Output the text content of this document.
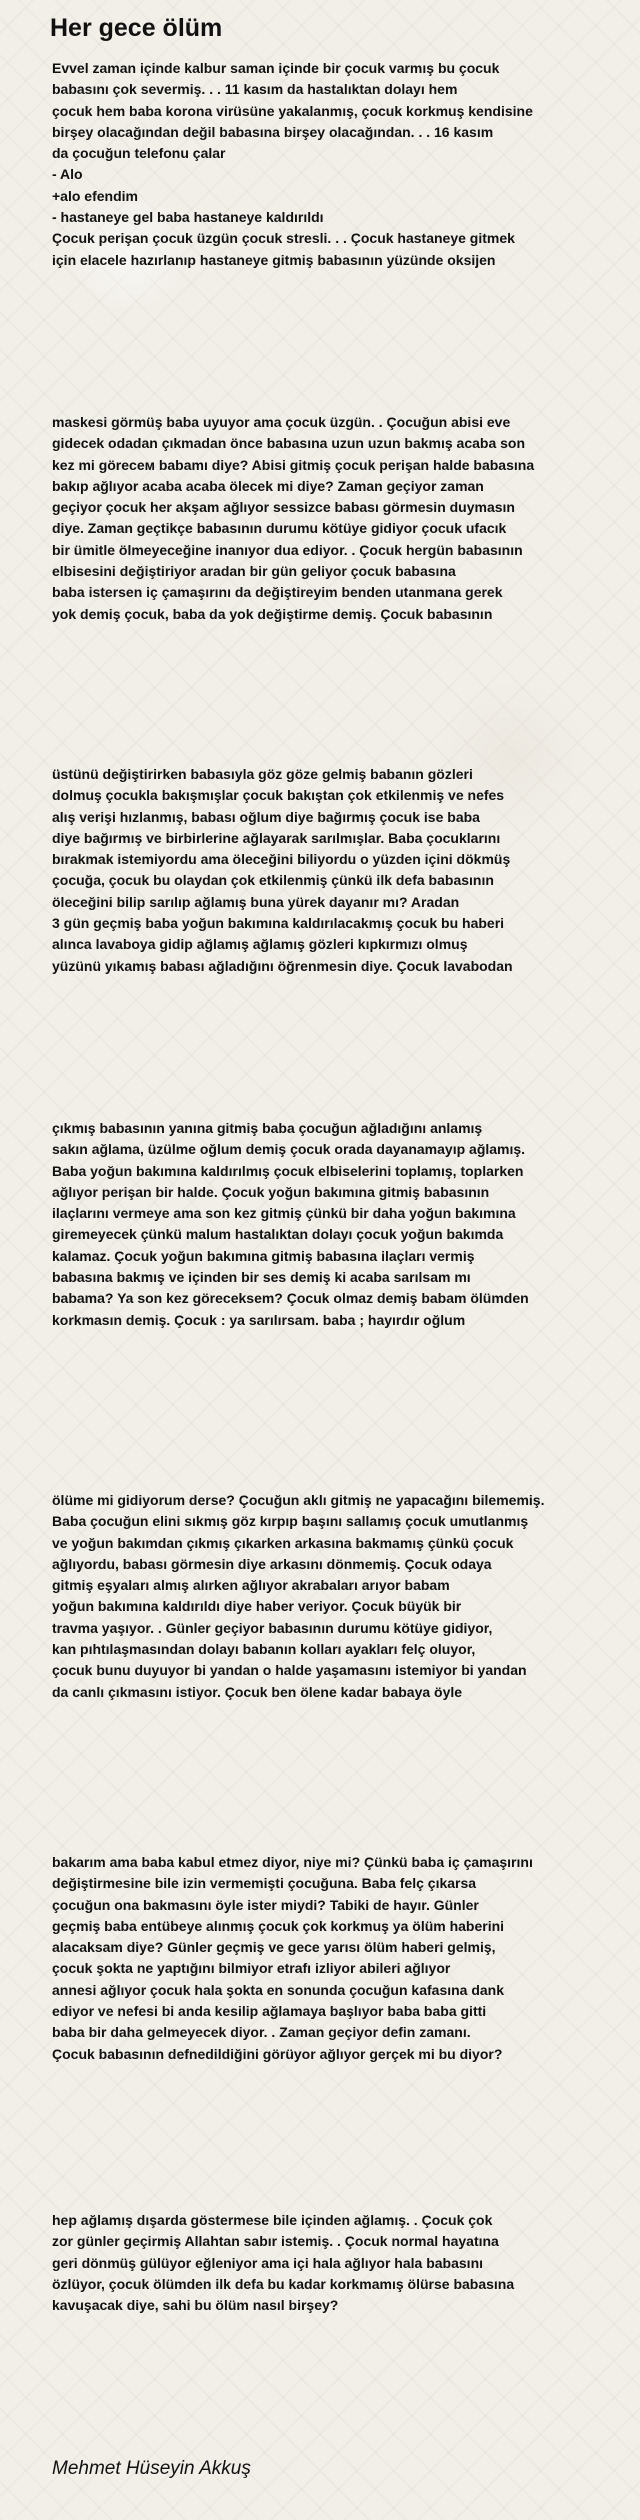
Her gece ölüm
Evvel zaman içinde kalbur saman içinde bir çocuk varmış bu çocuk
babasını çok severmiş. . . 11 kasım da hastalıktan dolayı hem
çocuk hem baba korona virüsüne yakalanmış, çocuk korkmuş kendisine
birşey olacağından değil babasına birşey olacağından. . . 16 kasım
da çocuğun telefonu çalar
- Alo
+alo efendim
- hastaneye gel baba hastaneye kaldırıldı
Çocuk perişan çocuk üzgün çocuk stresli. . . Çocuk hastaneye gitmek
için elacele hazırlanıp hastaneye gitmiş babasının yüzünde oksijen
maskesi görmüş baba uyuyor ama çocuk üzgün. . Çocuğun abisi eve
gidecek odadan çıkmadan önce babasına uzun uzun bakmış acaba son
kez mi göreceм babamı diye? Abisi gitmiş çocuk perişan halde babasına
bakıp ağlıyor acaba acaba ölecek mi diye? Zaman geçiyor zaman
geçiyor çocuk her akşam ağlıyor sessizce babası görmesin duymasın
diye. Zaman geçtikçe babasının durumu kötüye gidiyor çocuk ufacık
bir ümitle ölmeyeceğine inanıyor dua ediyor. . Çocuk hergün babasının
elbisesini değiştiriyor aradan bir gün geliyor çocuk babasına
baba istersen iç çamaşırını da değiştireyim benden utanmana gerek
yok demiş çocuk, baba da yok değiştirme demiş. Çocuk babasının
üstünü değiştirirken babasıyla göz göze gelmiş babanın gözleri
dolmuş çocukla bakışmışlar çocuk bakıştan çok etkilenmiş ve nefes
alış verişi hızlanmış, babası oğlum diye bağırmış çocuk ise baba
diye bağırmış ve birbirlerine ağlayarak sarılmışlar. Baba çocuklarını
bırakmak istemiyordu ama öleceğini biliyordu o yüzden içini dökmüş
çocuğa, çocuk bu olaydan çok etkilenmiş çünkü ilk defa babasının
öleceğini bilip sarılıp ağlamış buna yürek dayanır mı? Aradan
3 gün geçmiş baba yoğun bakımına kaldırılacakmış çocuk bu haberi
alınca lavaboya gidip ağlamış ağlamış gözleri kıpkırmızı olmuş
yüzünü yıkamış babası ağladığını öğrenmesin diye. Çocuk lavabodan
çıkmış babasının yanına gitmiş baba çocuğun ağladığını anlamış
sakın ağlama, üzülme oğlum demiş çocuk orada dayanamayıp ağlamış.
Baba yoğun bakımına kaldırılmış çocuk elbiselerini toplamış, toplarken
ağlıyor perişan bir halde. Çocuk yoğun bakımına gitmiş babasının
ilaçlarını vermeye ama son kez gitmiş çünkü bir daha yoğun bakımına
giremeyecek çünkü malum hastalıktan dolayı çocuk yoğun bakımda
kalamaz. Çocuk yoğun bakımına gitmiş babasına ilaçları vermiş
babasına bakmış ve içinden bir ses demiş ki acaba sarılsam mı
babama? Ya son kez göreceksem? Çocuk olmaz demiş babam ölümden
korkmasın demiş. Çocuk : ya sarılırsam. baba ; hayırdır oğlum
ölüme mi gidiyorum derse? Çocuğun aklı gitmiş ne yapacağını bilememiş.
Baba çocuğun elini sıkmış göz kırpıp başını sallamış çocuk umutlanmış
ve yoğun bakımdan çıkmış çıkarken arkasına bakmamış çünkü çocuk
ağlıyordu, babası görmesin diye arkasını dönmemiş. Çocuk odaya
gitmiş eşyaları almış alırken ağlıyor akrabaları arıyor babam
yoğun bakımına kaldırıldı diye haber veriyor. Çocuk büyük bir
travma yaşıyor. . Günler geçiyor babasının durumu kötüye gidiyor,
kan pıhtılaşmasından dolayı babanın kolları ayakları felç oluyor,
çocuk bunu duyuyor bi yandan o halde yaşamasını istemiyor bi yandan
da canlı çıkmasını istiyor. Çocuk ben ölene kadar babaya öyle
bakarım ama baba kabul etmez diyor, niye mi? Çünkü baba iç çamaşırını
değiştirmesine bile izin vermemişti çocuğuna. Baba felç çıkarsa
çocuğun ona bakmasını öyle ister miydi? Tabiki de hayır. Günler
geçmiş baba entübeye alınmış çocuk çok korkmuş ya ölüm haberini
alacaksam diye? Günler geçmiş ve gece yarısı ölüm haberi gelmiş,
çocuk şokta ne yaptığını bilmiyor etrafı izliyor abileri ağlıyor
annesi ağlıyor çocuk hala şokta en sonunda çocuğun kafasına dank
ediyor ve nefesi bi anda kesilip ağlamaya başlıyor baba baba gitti
baba bir daha gelmeyecek diyor. . Zaman geçiyor defin zamanı.
Çocuk babasının defnedildiğini görüyor ağlıyor gerçek mi bu diyor?
hep ağlamış dışarda göstermese bile içinden ağlamış. . Çocuk çok
zor günler geçirmiş Allahtan sabır istemiş. . Çocuk normal hayatına
geri dönmüş gülüyor eğleniyor ama içi hala ağlıyor hala babasını
özlüyor, çocuk ölümden ilk defa bu kadar korkmamış ölürse babasına
kavuşacak diye, sahi bu ölüm nasıl birşey?
Mehmet Hüseyin Akkuş
